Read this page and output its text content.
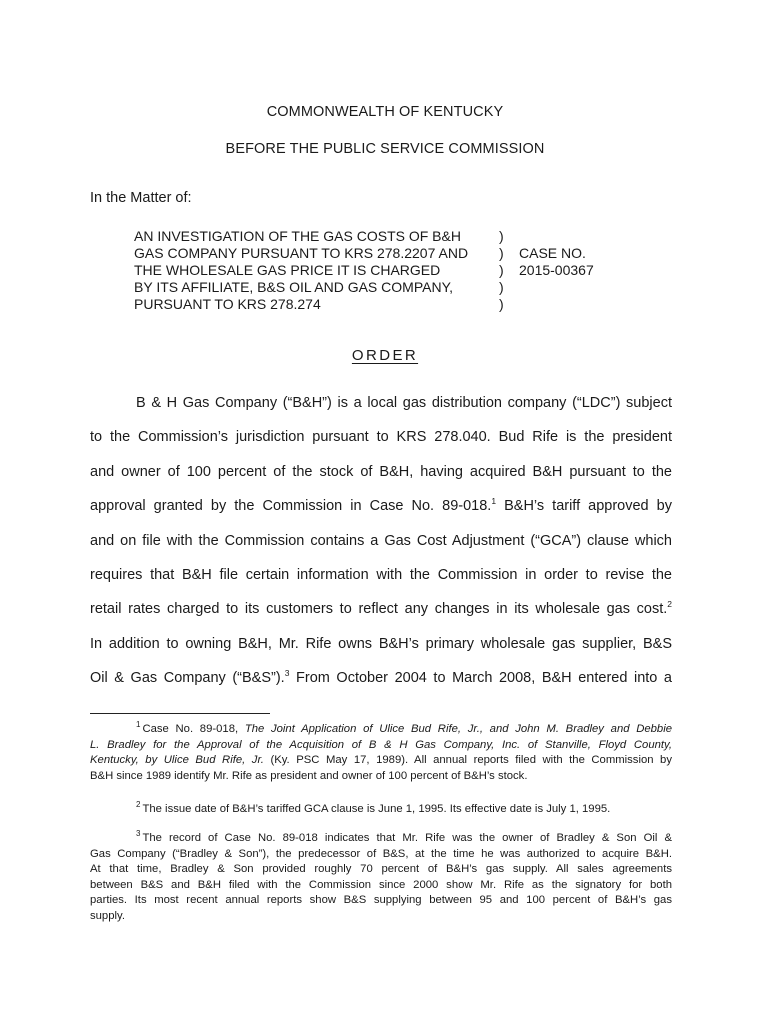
COMMONWEALTH OF KENTUCKY
BEFORE THE PUBLIC SERVICE COMMISSION
In the Matter of:
AN INVESTIGATION OF THE GAS COSTS OF B&H	)
GAS COMPANY PURSUANT TO KRS 278.2207 AND	)	CASE NO.
THE WHOLESALE GAS PRICE IT IS CHARGED	)	2015-00367
BY ITS AFFILIATE, B&S OIL AND GAS COMPANY,	)
PURSUANT TO KRS 278.274	)
ORDER
B & H Gas Company (“B&H”) is a local gas distribution company (“LDC”) subject
to the Commission’s jurisdiction pursuant to KRS 278.040. Bud Rife is the president
and owner of 100 percent of the stock of B&H, having acquired B&H pursuant to the
approval granted by the Commission in Case No. 89-018.$^1$ B&H’s tariff approved by
and on file with the Commission contains a Gas Cost Adjustment (“GCA”) clause which
requires that B&H file certain information with the Commission in order to revise the
retail rates charged to its customers to reflect any changes in its wholesale gas cost.$^2$
In addition to owning B&H, Mr. Rife owns B&H’s primary wholesale gas supplier, B&S
Oil & Gas Company (“B&S”).$^3$ From October 2004 to March 2008, B&H entered into a
$^1$ Case No. 89-018, The Joint Application of Ulice Bud Rife, Jr., and John M. Bradley and Debbie
L. Bradley for the Approval of the Acquisition of B & H Gas Company, Inc. of Stanville, Floyd County,
Kentucky, by Ulice Bud Rife, Jr. (Ky. PSC May 17, 1989). All annual reports filed with the Commission by
B&H since 1989 identify Mr. Rife as president and owner of 100 percent of B&H’s stock.
$^2$ The issue date of B&H’s tariffed GCA clause is June 1, 1995. Its effective date is July 1, 1995.
$^3$ The record of Case No. 89-018 indicates that Mr. Rife was the owner of Bradley & Son Oil &
Gas Company (“Bradley & Son”), the predecessor of B&S, at the time he was authorized to acquire B&H.
At that time, Bradley & Son provided roughly 70 percent of B&H’s gas supply. All sales agreements
between B&S and B&H filed with the Commission since 2000 show Mr. Rife as the signatory for both
parties. Its most recent annual reports show B&S supplying between 95 and 100 percent of B&H’s gas
supply.
